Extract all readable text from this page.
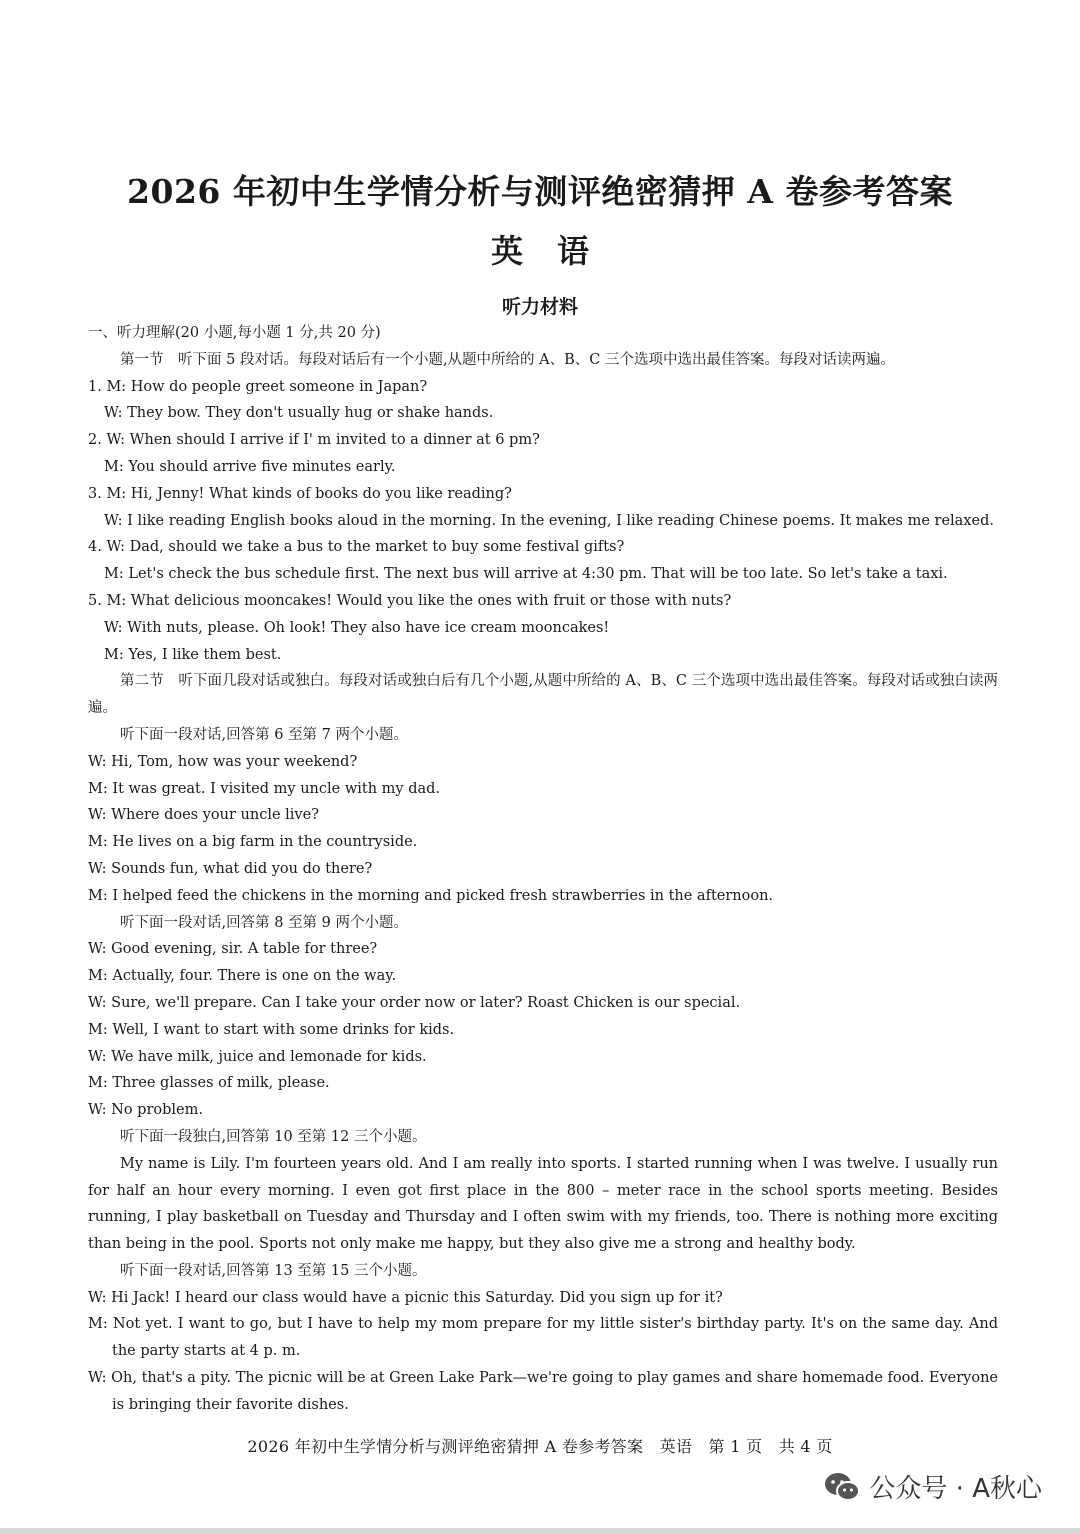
2026 年初中生学情分析与测评绝密猜押 A 卷参考答案
英语
听力材料
一、听力理解(20 小题,每小题 1 分,共 20 分)
第一节　听下面 5 段对话。每段对话后有一个小题,从题中所给的 A、B、C 三个选项中选出最佳答案。每段对话读两遍。
1. M: How do people greet someone in Japan?
W: They bow. They don't usually hug or shake hands.
2. W: When should I arrive if I' m invited to a dinner at 6 pm?
M: You should arrive five minutes early.
3. M: Hi, Jenny! What kinds of books do you like reading?
W: I like reading English books aloud in the morning. In the evening, I like reading Chinese poems. It makes me relaxed.
4. W: Dad, should we take a bus to the market to buy some festival gifts?
M: Let's check the bus schedule first. The next bus will arrive at 4:30 pm. That will be too late. So let's take a taxi.
5. M: What delicious mooncakes! Would you like the ones with fruit or those with nuts?
W: With nuts, please. Oh look! They also have ice cream mooncakes!
M: Yes, I like them best.
第二节　听下面几段对话或独白。每段对话或独白后有几个小题,从题中所给的 A、B、C 三个选项中选出最佳答案。每段对话或独白读两遍。
听下面一段对话,回答第 6 至第 7 两个小题。
W: Hi, Tom, how was your weekend?
M: It was great. I visited my uncle with my dad.
W: Where does your uncle live?
M: He lives on a big farm in the countryside.
W: Sounds fun, what did you do there?
M: I helped feed the chickens in the morning and picked fresh strawberries in the afternoon.
听下面一段对话,回答第 8 至第 9 两个小题。
W: Good evening, sir. A table for three?
M: Actually, four. There is one on the way.
W: Sure, we'll prepare. Can I take your order now or later? Roast Chicken is our special.
M: Well, I want to start with some drinks for kids.
W: We have milk, juice and lemonade for kids.
M: Three glasses of milk, please.
W: No problem.
听下面一段独白,回答第 10 至第 12 三个小题。
My name is Lily. I'm fourteen years old. And I am really into sports. I started running when I was twelve. I usually run for half an hour every morning. I even got first place in the 800 – meter race in the school sports meeting. Besides running, I play basketball on Tuesday and Thursday and I often swim with my friends, too. There is nothing more exciting than being in the pool. Sports not only make me happy, but they also give me a strong and healthy body.
听下面一段对话,回答第 13 至第 15 三个小题。
W: Hi Jack! I heard our class would have a picnic this Saturday. Did you sign up for it?
M: Not yet. I want to go, but I have to help my mom prepare for my little sister's birthday party. It's on the same day. And the party starts at 4 p. m.
W: Oh, that's a pity. The picnic will be at Green Lake Park—we're going to play games and share homemade food. Everyone is bringing their favorite dishes.
2026 年初中生学情分析与测评绝密猜押 A 卷参考答案　英语　第 1 页　共 4 页
公众号 · A秋心
